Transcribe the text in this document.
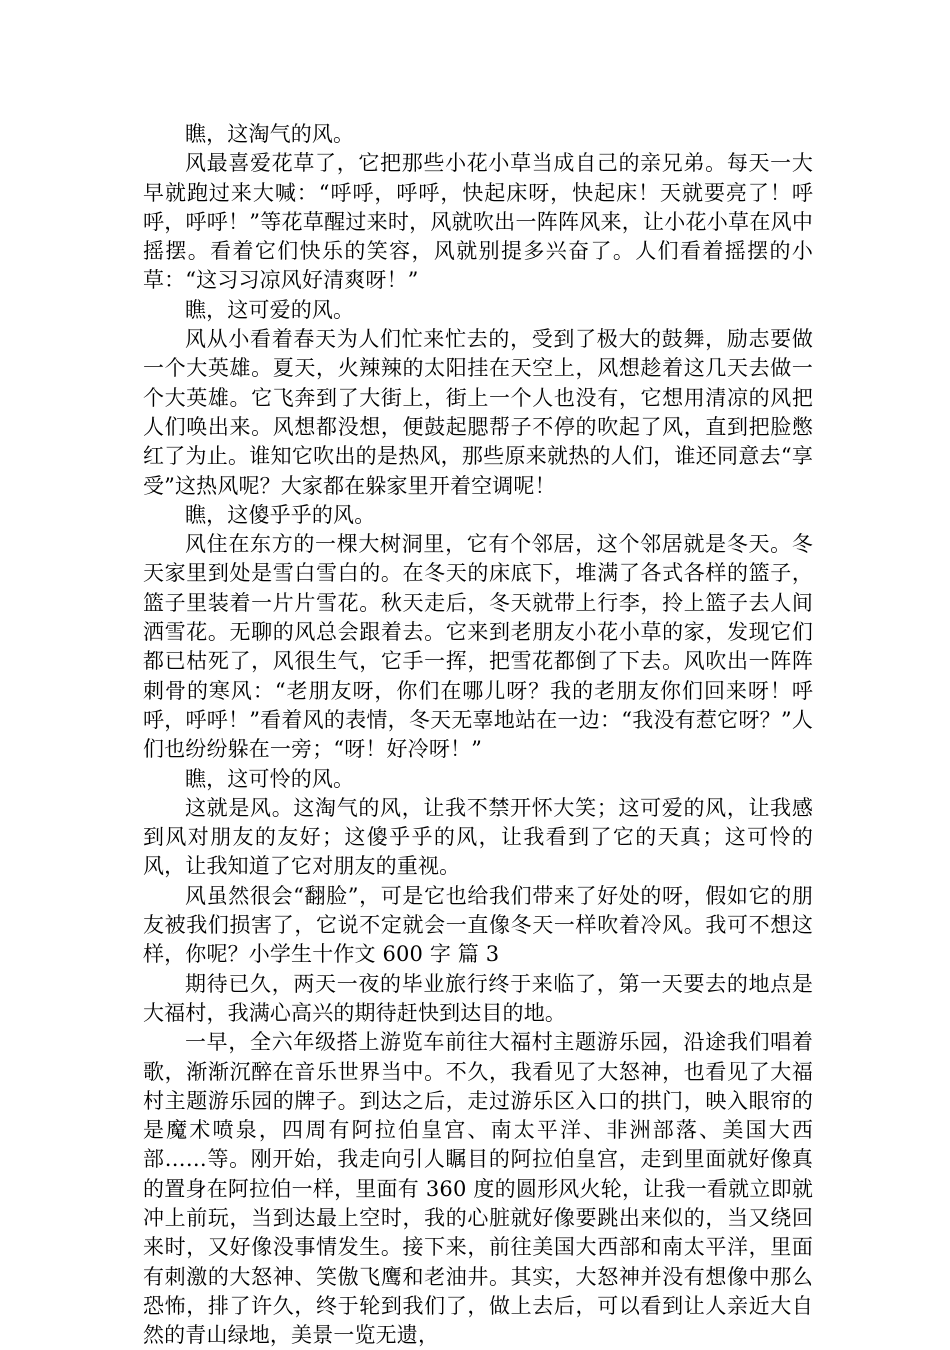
瞧，这淘气的风。

风最喜爱花草了，它把那些小花小草当成自己的亲兄弟。每天一大早就跑过来大喊：“呼呼，呼呼，快起床呀，快起床！天就要亮了！呼呼，呼呼！”等花草醒过来时，风就吹出一阵阵风来，让小花小草在风中摇摆。看着它们快乐的笑容，风就别提多兴奋了。人们看着摇摆的小草：“这习习凉风好清爽呀！”

瞧，这可爱的风。

风从小看着春天为人们忙来忙去的，受到了极大的鼓舞，励志要做一个大英雄。夏天，火辣辣的太阳挂在天空上，风想趁着这几天去做一个大英雄。它飞奔到了大街上，街上一个人也没有，它想用清凉的风把人们唤出来。风想都没想，便鼓起腮帮子不停的吹起了风，直到把脸憋红了为止。谁知它吹出的是热风，那些原来就热的人们，谁还同意去“享受”这热风呢？大家都在躲家里开着空调呢！

瞧，这傻乎乎的风。

风住在东方的一棵大树洞里，它有个邻居，这个邻居就是冬天。冬天家里到处是雪白雪白的。在冬天的床底下，堆满了各式各样的篮子，篮子里装着一片片雪花。秋天走后，冬天就带上行李，拎上篮子去人间洒雪花。无聊的风总会跟着去。它来到老朋友小花小草的家，发现它们都已枯死了，风很生气，它手一挥，把雪花都倒了下去。风吹出一阵阵刺骨的寒风：“老朋友呀，你们在哪儿呀？我的老朋友你们回来呀！呼呼，呼呼！”看着风的表情，冬天无辜地站在一边：“我没有惹它呀？”人们也纷纷躲在一旁；“呀！好冷呀！”

瞧，这可怜的风。

这就是风。这淘气的风，让我不禁开怀大笑；这可爱的风，让我感到风对朋友的友好；这傻乎乎的风，让我看到了它的天真；这可怜的风，让我知道了它对朋友的重视。

风虽然很会“翻脸”，可是它也给我们带来了好处的呀，假如它的朋友被我们损害了，它说不定就会一直像冬天一样吹着冷风。我可不想这样，你呢？小学生十作文 600 字 篇 3

期待已久，两天一夜的毕业旅行终于来临了，第一天要去的地点是大福村，我满心高兴的期待赶快到达目的地。

一早，全六年级搭上游览车前往大福村主题游乐园，沿途我们唱着歌，渐渐沉醉在音乐世界当中。不久，我看见了大怒神，也看见了大福村主题游乐园的牌子。到达之后，走过游乐区入口的拱门，映入眼帘的是魔术喷泉，四周有阿拉伯皇宫、南太平洋、非洲部落、美国大西部……等。刚开始，我走向引人瞩目的阿拉伯皇宫，走到里面就好像真的置身在阿拉伯一样，里面有 360 度的圆形风火轮，让我一看就立即就冲上前玩，当到达最上空时，我的心脏就好像要跳出来似的，当又绕回来时，又好像没事情发生。接下来，前往美国大西部和南太平洋，里面有刺激的大怒神、笑傲飞鹰和老油井。其实，大怒神并没有想像中那么恐怖，排了许久，终于轮到我们了，做上去后，可以看到让人亲近大自然的青山绿地，美景一览无遗，
